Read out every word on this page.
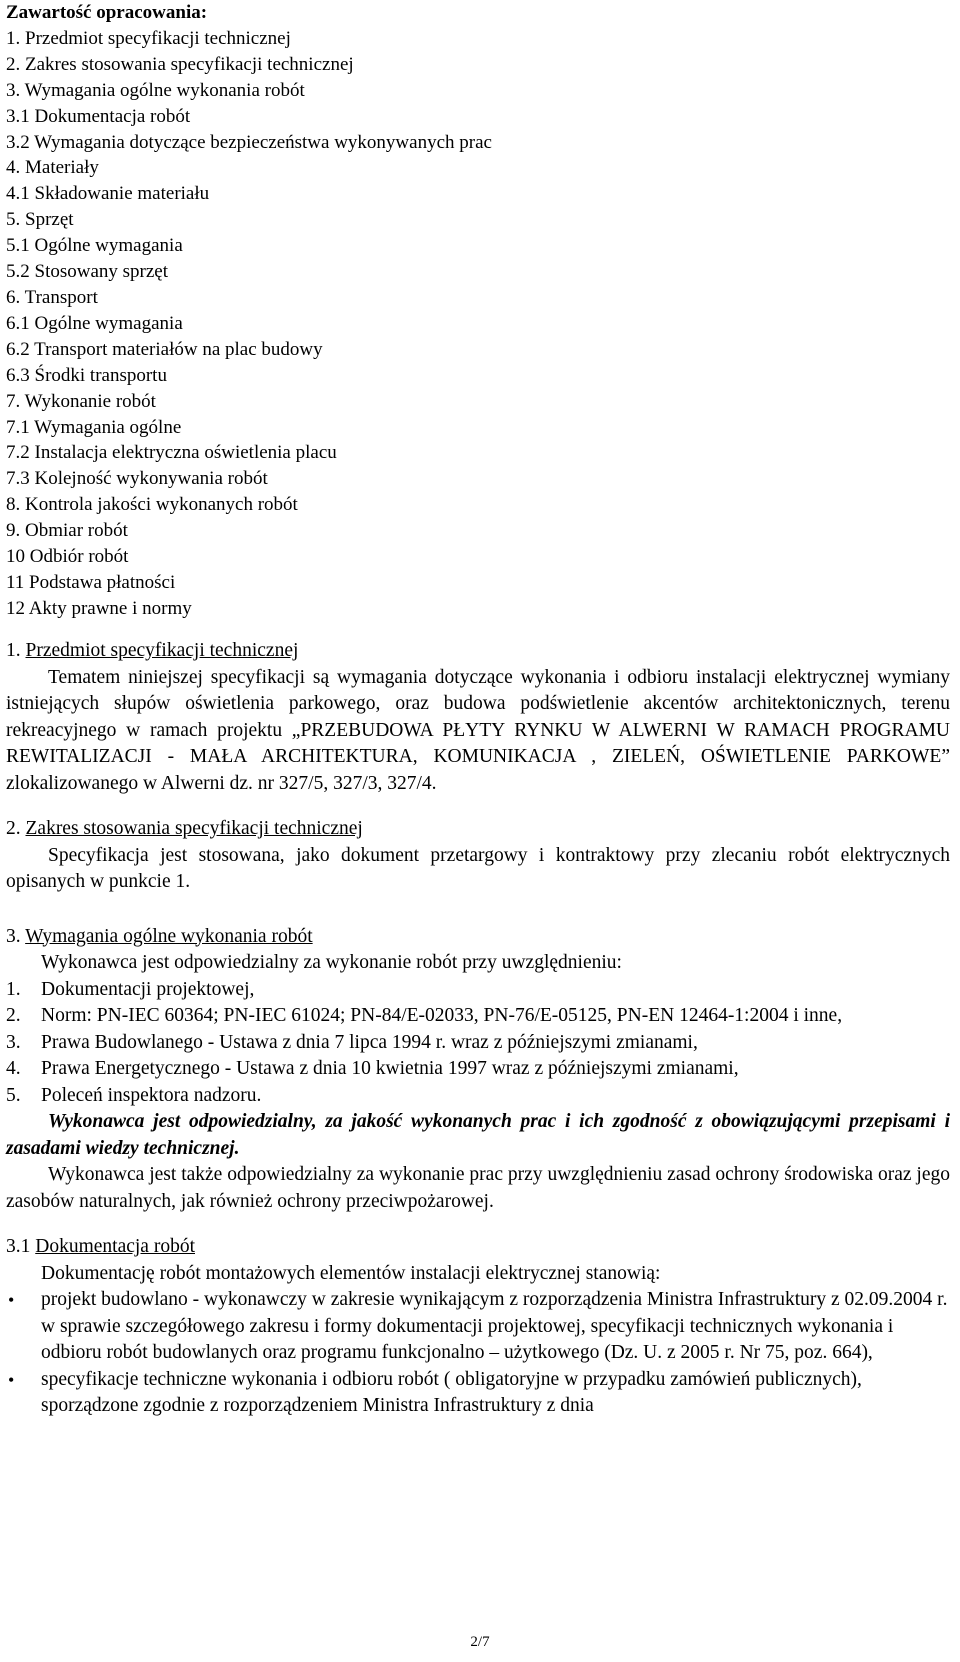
Zawartość opracowania:
1. Przedmiot specyfikacji technicznej
2. Zakres stosowania specyfikacji technicznej
3. Wymagania ogólne wykonania robót
3.1 Dokumentacja robót
3.2 Wymagania dotyczące bezpieczeństwa wykonywanych prac
4. Materiały
4.1 Składowanie materiału
5. Sprzęt
5.1 Ogólne wymagania
5.2 Stosowany sprzęt
6. Transport
6.1 Ogólne wymagania
6.2 Transport materiałów na plac budowy
6.3 Środki transportu
7. Wykonanie robót
7.1 Wymagania ogólne
7.2 Instalacja elektryczna oświetlenia placu
7.3 Kolejność wykonywania robót
8. Kontrola jakości wykonanych robót
9. Obmiar robót
10 Odbiór robót
11 Podstawa płatności
12 Akty prawne i normy
1. Przedmiot specyfikacji technicznej
Tematem niniejszej specyfikacji są wymagania dotyczące wykonania i odbioru instalacji elektrycznej wymiany istniejących słupów oświetlenia parkowego, oraz budowa podświetlenie akcentów architektonicznych, terenu rekreacyjnego w ramach projektu „PRZEBUDOWA PŁYTY RYNKU W ALWERNI W RAMACH PROGRAMU REWITALIZACJI - MAŁA ARCHITEKTURA, KOMUNIKACJA , ZIELEŃ, OŚWIETLENIE PARKOWE” zlokalizowanego w Alwerni dz. nr 327/5, 327/3, 327/4.
2. Zakres stosowania specyfikacji technicznej
Specyfikacja jest stosowana, jako dokument przetargowy i kontraktowy przy zlecaniu robót elektrycznych opisanych w punkcie 1.
3. Wymagania ogólne wykonania robót
Wykonawca jest odpowiedzialny za wykonanie robót przy uwzględnieniu:
1. Dokumentacji projektowej,
2. Norm: PN-IEC 60364; PN-IEC 61024; PN-84/E-02033, PN-76/E-05125, PN-EN 12464-1:2004 i inne,
3. Prawa Budowlanego - Ustawa z dnia 7 lipca 1994 r. wraz z późniejszymi zmianami,
4. Prawa Energetycznego - Ustawa z dnia 10 kwietnia 1997 wraz z późniejszymi zmianami,
5. Poleceń inspektora nadzoru.
Wykonawca jest odpowiedzialny, za jakość wykonanych prac i ich zgodność z obowiązującymi przepisami i zasadami wiedzy technicznej.
Wykonawca jest także odpowiedzialny za wykonanie prac przy uwzględnieniu zasad ochrony środowiska oraz jego zasobów naturalnych, jak również ochrony przeciwpożarowej.
3.1 Dokumentacja robót
Dokumentację robót montażowych elementów instalacji elektrycznej stanowią:
• projekt budowlano - wykonawczy w zakresie wynikającym z rozporządzenia Ministra Infrastruktury z 02.09.2004 r. w sprawie szczegółowego zakresu i formy dokumentacji projektowej, specyfikacji technicznych wykonania i odbioru robót budowlanych oraz programu funkcjonalno – użytkowego (Dz. U. z 2005 r. Nr 75, poz. 664),
• specyfikacje techniczne wykonania i odbioru robót ( obligatoryjne w przypadku zamówień publicznych), sporządzone zgodnie z rozporządzeniem Ministra Infrastruktury z dnia
2/7
